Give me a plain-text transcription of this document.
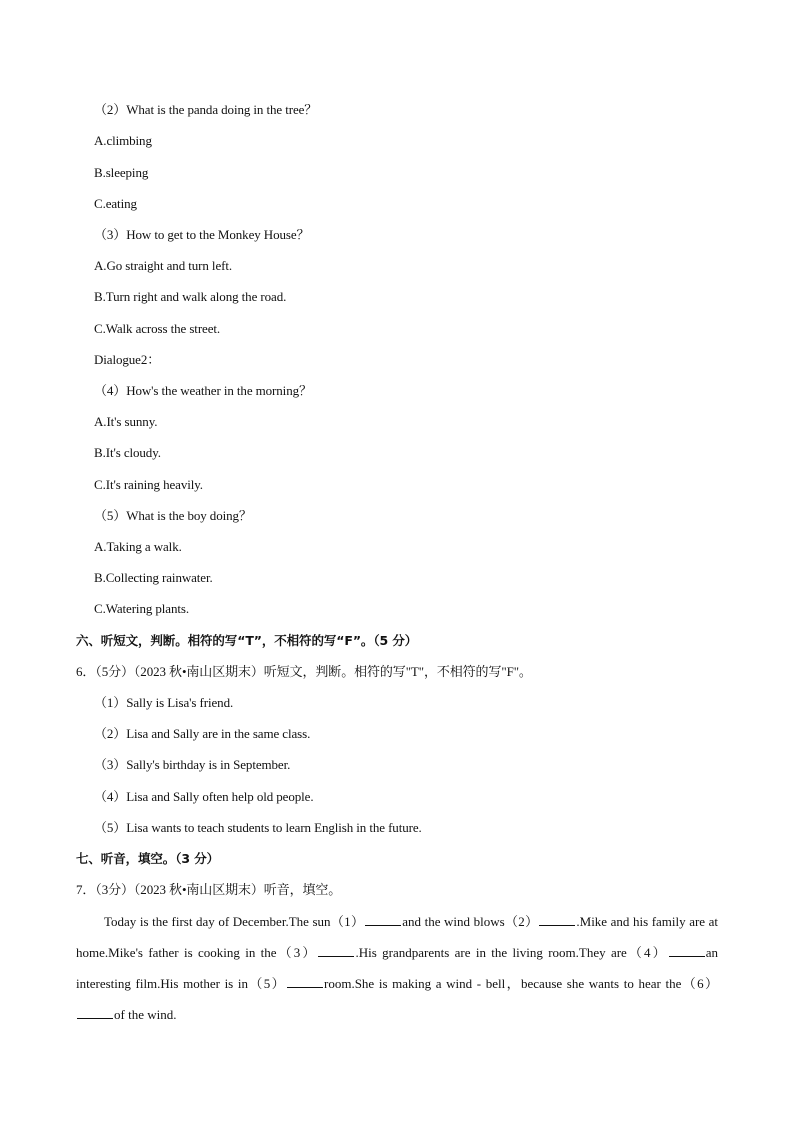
（2）What is the panda doing in the tree？
A.climbing
B.sleeping
C.eating
（3）How to get to the Monkey House？
A.Go straight and turn left.
B.Turn right and walk along the road.
C.Walk across the street.
Dialogue2：
（4）How's the weather in the morning？
A.It's sunny.
B.It's cloudy.
C.It's raining heavily.
（5）What is the boy doing？
A.Taking a walk.
B.Collecting rainwater.
C.Watering plants.
六、听短文，判断。相符的写“T”，不相符的写“F”。（5 分）
6．（5分）（2023 秋•南山区期末）听短文，判断。相符的写"T"，不相符的写"F"。
（1）Sally is Lisa's friend.
（2）Lisa and Sally are in the same class.
（3）Sally's birthday is in September.
（4）Lisa and Sally often help old people.
（5）Lisa wants to teach students to learn English in the future.
七、听音，填空。（3 分）
7．（3分）（2023 秋•南山区期末）听音，填空。
Today is the first day of December.The sun（1）	and the wind blows（2）	.Mike and his family are at home.Mike's father is cooking in the（3）	.His grandparents are in the living room.They are（4）	an interesting film.His mother is in（5）	room.She is making a wind - bell，because she wants to hear the（6）of the wind.
